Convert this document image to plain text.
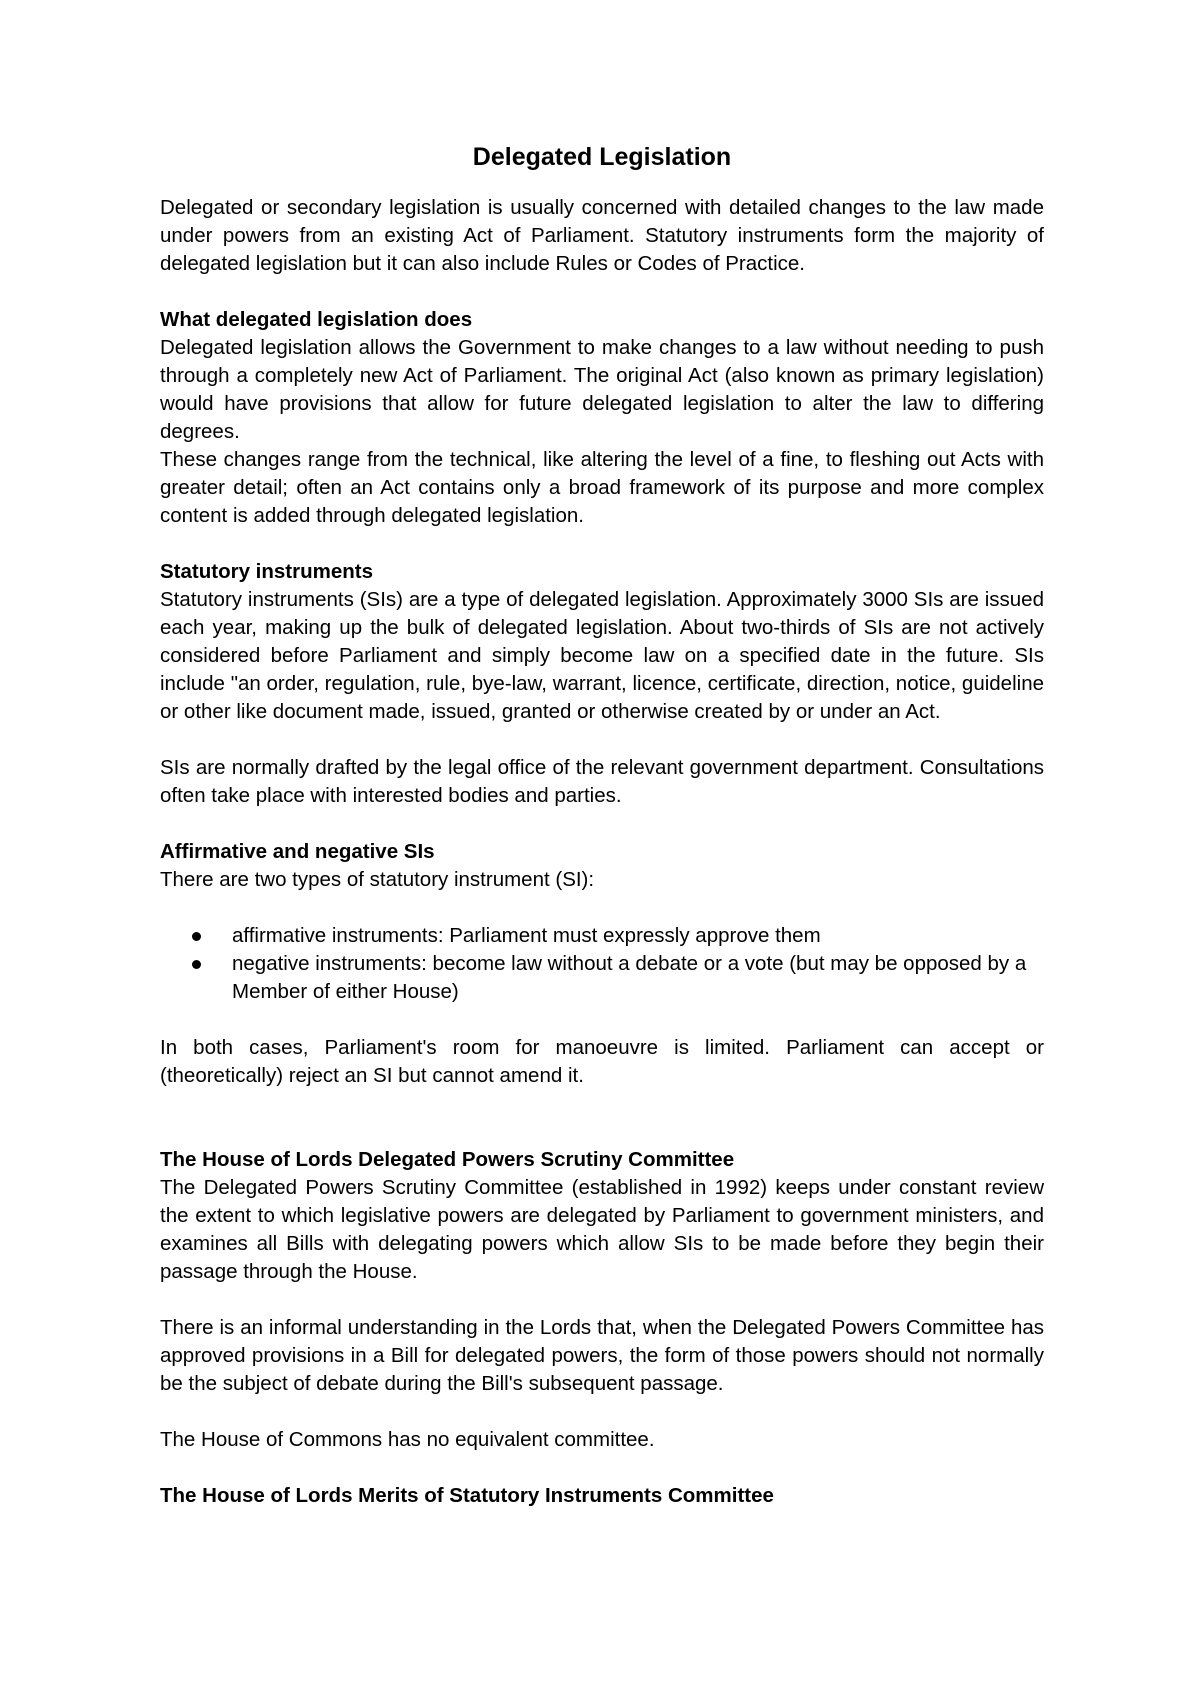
Delegated Legislation

Delegated or secondary legislation is usually concerned with detailed changes to the law made under powers from an existing Act of Parliament. Statutory instruments form the majority of delegated legislation but it can also include Rules or Codes of Practice.

What delegated legislation does

Delegated legislation allows the Government to make changes to a law without needing to push through a completely new Act of Parliament. The original Act (also known as primary legislation) would have provisions that allow for future delegated legislation to alter the law to differing degrees.

These changes range from the technical, like altering the level of a fine, to fleshing out Acts with greater detail; often an Act contains only a broad framework of its purpose and more complex content is added through delegated legislation.

Statutory instruments

Statutory instruments (SIs) are a type of delegated legislation. Approximately 3000 SIs are issued each year, making up the bulk of delegated legislation. About two-thirds of SIs are not actively considered before Parliament and simply become law on a specified date in the future. SIs include "an order, regulation, rule, bye-law, warrant, licence, certificate, direction, notice, guideline or other like document made, issued, granted or otherwise created by or under an Act.

SIs are normally drafted by the legal office of the relevant government department. Consultations often take place with interested bodies and parties.

Affirmative and negative SIs

There are two types of statutory instrument (SI):

affirmative instruments: Parliament must expressly approve them
negative instruments: become law without a debate or a vote (but may be opposed by a Member of either House)

In both cases, Parliament's room for manoeuvre is limited. Parliament can accept or (theoretically) reject an SI but cannot amend it.

The House of Lords Delegated Powers Scrutiny Committee

The Delegated Powers Scrutiny Committee (established in 1992) keeps under constant review the extent to which legislative powers are delegated by Parliament to government ministers, and examines all Bills with delegating powers which allow SIs to be made before they begin their passage through the House.

There is an informal understanding in the Lords that, when the Delegated Powers Committee has approved provisions in a Bill for delegated powers, the form of those powers should not normally be the subject of debate during the Bill's subsequent passage.

The House of Commons has no equivalent committee.

The House of Lords Merits of Statutory Instruments Committee
